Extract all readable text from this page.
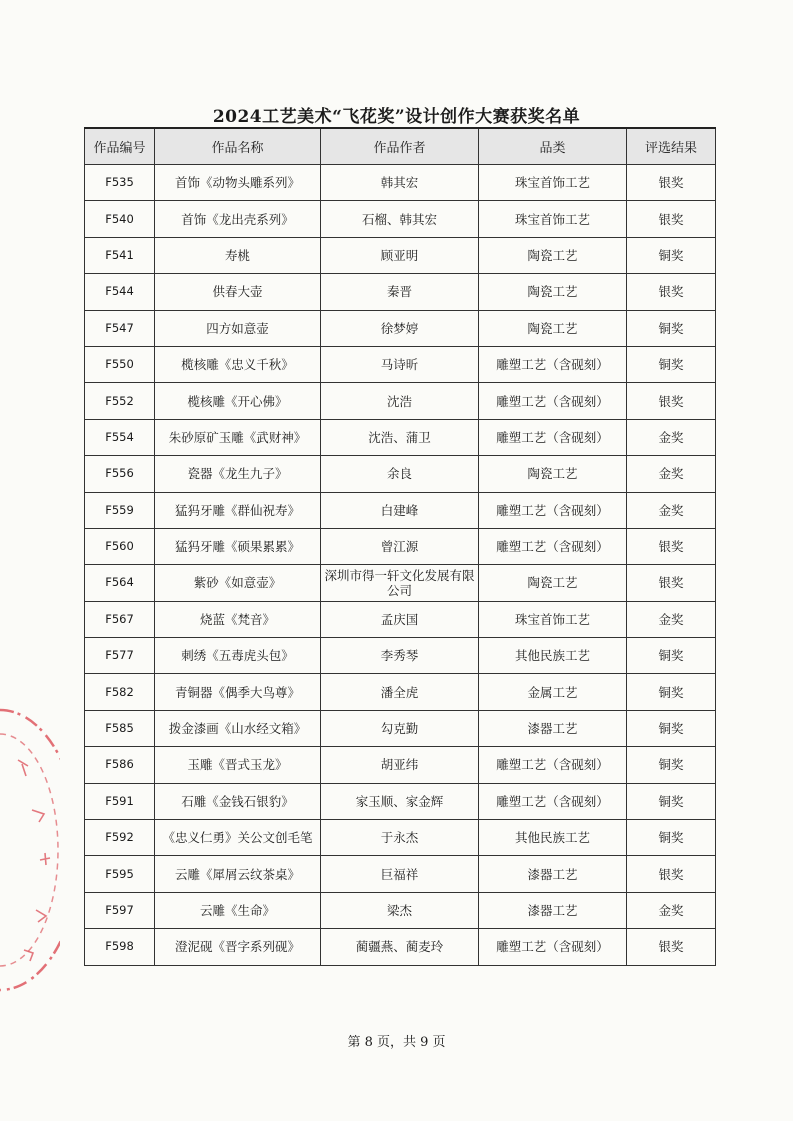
2024工艺美术“飞花奖”设计创作大赛获奖名单
作品编号	作品名称	作品作者	品类	评选结果
F535	首饰《动物头雕系列》	韩其宏	珠宝首饰工艺	银奖
F540	首饰《龙出壳系列》	石榴、韩其宏	珠宝首饰工艺	银奖
F541	寿桃	顾亚明	陶瓷工艺	铜奖
F544	供春大壶	秦晋	陶瓷工艺	银奖
F547	四方如意壶	徐梦婷	陶瓷工艺	铜奖
F550	榄核雕《忠义千秋》	马诗昕	雕塑工艺（含砚刻）	铜奖
F552	榄核雕《开心佛》	沈浩	雕塑工艺（含砚刻）	银奖
F554	朱砂原矿玉雕《武财神》	沈浩、蒲卫	雕塑工艺（含砚刻）	金奖
F556	瓷器《龙生九子》	余良	陶瓷工艺	金奖
F559	猛犸牙雕《群仙祝寿》	白建峰	雕塑工艺（含砚刻）	金奖
F560	猛犸牙雕《硕果累累》	曾江源	雕塑工艺（含砚刻）	银奖
F564	紫砂《如意壶》	深圳市得一轩文化发展有限公司	陶瓷工艺	银奖
F567	烧蓝《梵音》	孟庆国	珠宝首饰工艺	金奖
F577	刺绣《五毒虎头包》	李秀琴	其他民族工艺	铜奖
F582	青铜器《偶季大鸟尊》	潘全虎	金属工艺	铜奖
F585	拨金漆画《山水经文箱》	勾克勤	漆器工艺	铜奖
F586	玉雕《晋式玉龙》	胡亚纬	雕塑工艺（含砚刻）	铜奖
F591	石雕《金钱石银豹》	家玉顺、家金辉	雕塑工艺（含砚刻）	铜奖
F592	《忠义仁勇》关公文创毛笔	于永杰	其他民族工艺	铜奖
F595	云雕《犀屑云纹茶桌》	巨福祥	漆器工艺	银奖
F597	云雕《生命》	梁杰	漆器工艺	金奖
F598	澄泥砚《晋字系列砚》	蔺疆燕、蔺麦玲	雕塑工艺（含砚刻）	银奖
第 8 页，共 9 页
